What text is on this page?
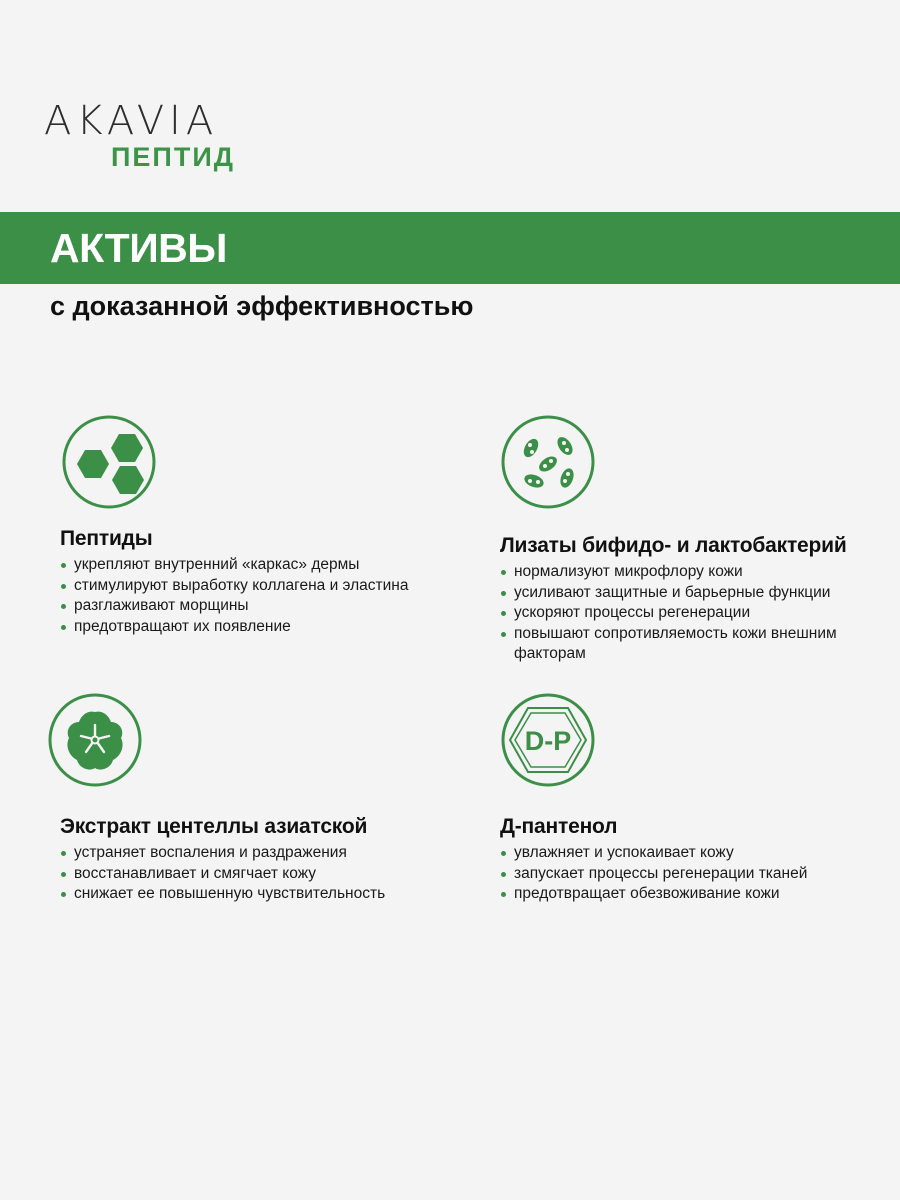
AKAVIA
ПЕПТИД
АКТИВЫ
с доказанной эффективностью
Пептиды
укрепляют внутренний «каркас» дермы
стимулируют выработку коллагена и эластина
разглаживают морщины
предотвращают их появление
Лизаты бифидо- и лактобактерий
нормализуют микрофлору кожи
усиливают защитные и барьерные функции
ускоряют процессы регенерации
повышают сопротивляемость кожи внешним факторам
Экстракт центеллы азиатской
устраняет воспаления и раздражения
восстанавливает и смягчает кожу
снижает ее повышенную чувствительность
D-P
Д-пантенол
увлажняет и успокаивает кожу
запускает процессы регенерации тканей
предотвращает обезвоживание кожи
